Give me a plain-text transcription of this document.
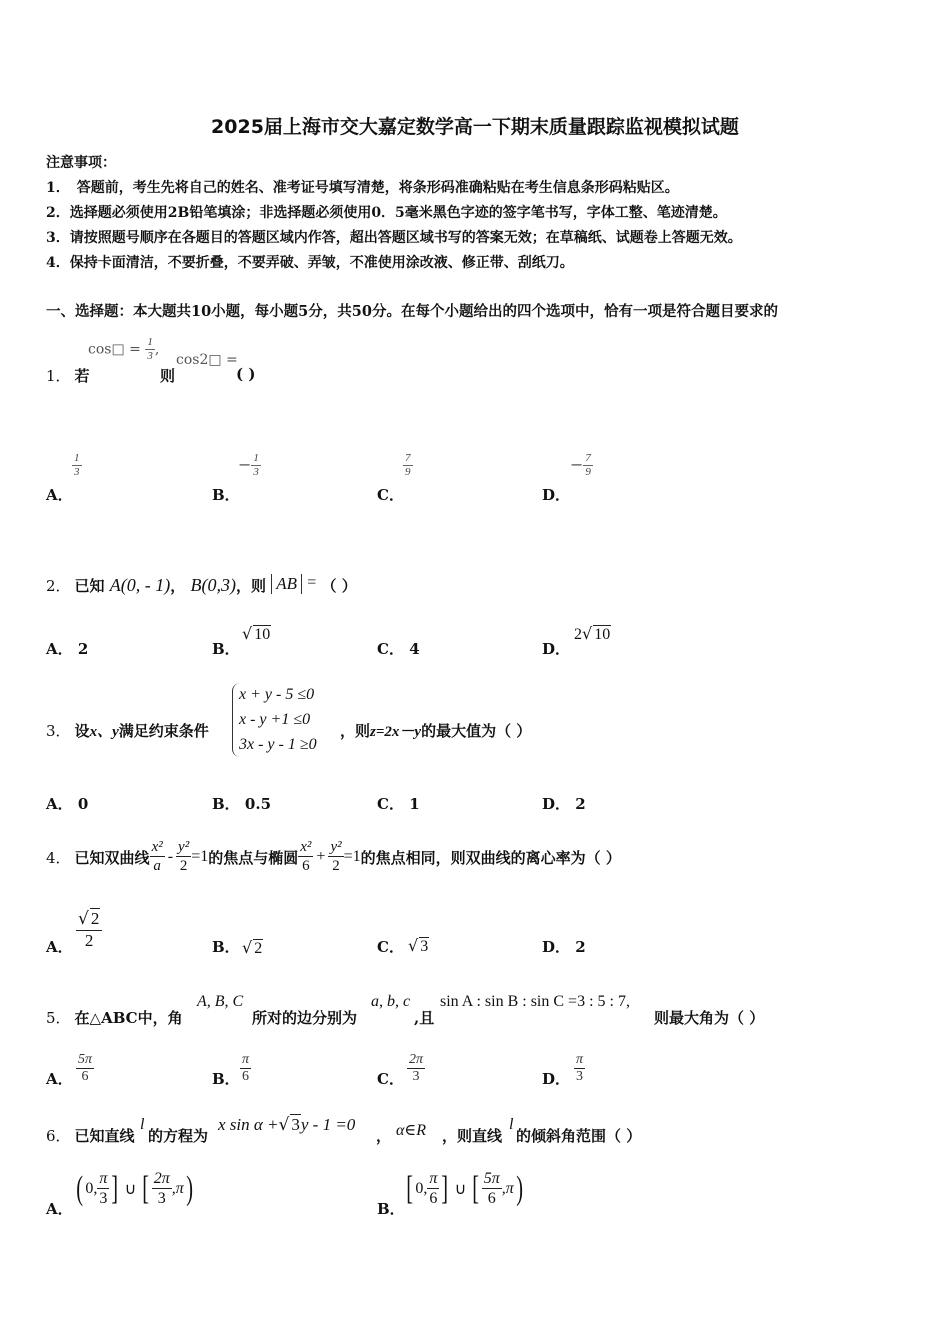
2025届上海市交大嘉定数学高一下期末质量跟踪监视模拟试题
注意事项：
1．　答题前，考生先将自己的姓名、准考证号填写清楚，将条形码准确粘贴在考生信息条形码粘贴区。
2．选择题必须使用2B铅笔填涂；非选择题必须使用0．5毫米黑色字迹的签字笔书写，字体工整、笔迹清楚。
3．请按照题号顺序在各题目的答题区域内作答，超出答题区域书写的答案无效；在草稿纸、试题卷上答题无效。
4．保持卡面清洁，不要折叠，不要弄破、弄皱，不准使用涂改液、修正带、刮纸刀。
一、选择题：本大题共10小题，每小题5分，共50分。在每个小题给出的四个选项中，恰有一项是符合题目要求的
cos□ = $\frac{1}{3}$ ,
cos2□ =
1． 若	则	( )
A．
$\frac{1}{3}$
B．
− $\frac{1}{3}$
C．
$\frac{7}{9}$
D．
− $\frac{7}{9}$
2． 已知 A(0, - 1)， B(0,3)，则 AB = （ ）
A． 2	B．
√ 10
C． 4	D．
2√ 10
3． 设x、y满足约束条件
x + y - 5 ≤0
x - y +1 ≤0
3x - y - 1 ≥0
，则z=2x－y的最大值为（ ）
A． 0	B． 0.5	C． 1	D． 2
4． 已知双曲线 $\frac{\text{x²}}{a} - \frac{\text{y²}}{2} =1$ 的焦点与椭圆 $\frac{\text{x²}}{6} + \frac{\text{y²}}{2} =1$ 的焦点相同，则双曲线的离心率为（ ）
A． $\frac{√ 2}{2}$	B． √ 2	C． √ 3	D． 2
5． 在△ABC中，角
A, B, C
所对的边分别为
a, b, c
,且
sin A : sin B : sin C =3 : 5 : 7,
则最大角为（ ）
A． $\frac{5\pi}{6}$	B． $\frac{\pi}{6}$	C． $\frac{2\pi}{3}$	D． $\frac{\pi}{3}$
6． 已知直线
l
的方程为
x sin α +√ 3y - 1 =0
， α∈R ，则直线
l
的倾斜角范围（ ）
A．
( 0, $\frac{\pi}{3}$ ] ∪ [ $\frac{2\pi}{3} ,\pi$ )
B．
[ 0, $\frac{\pi}{6}$ ] ∪ [ $\frac{5\pi}{6} ,\pi$ )
